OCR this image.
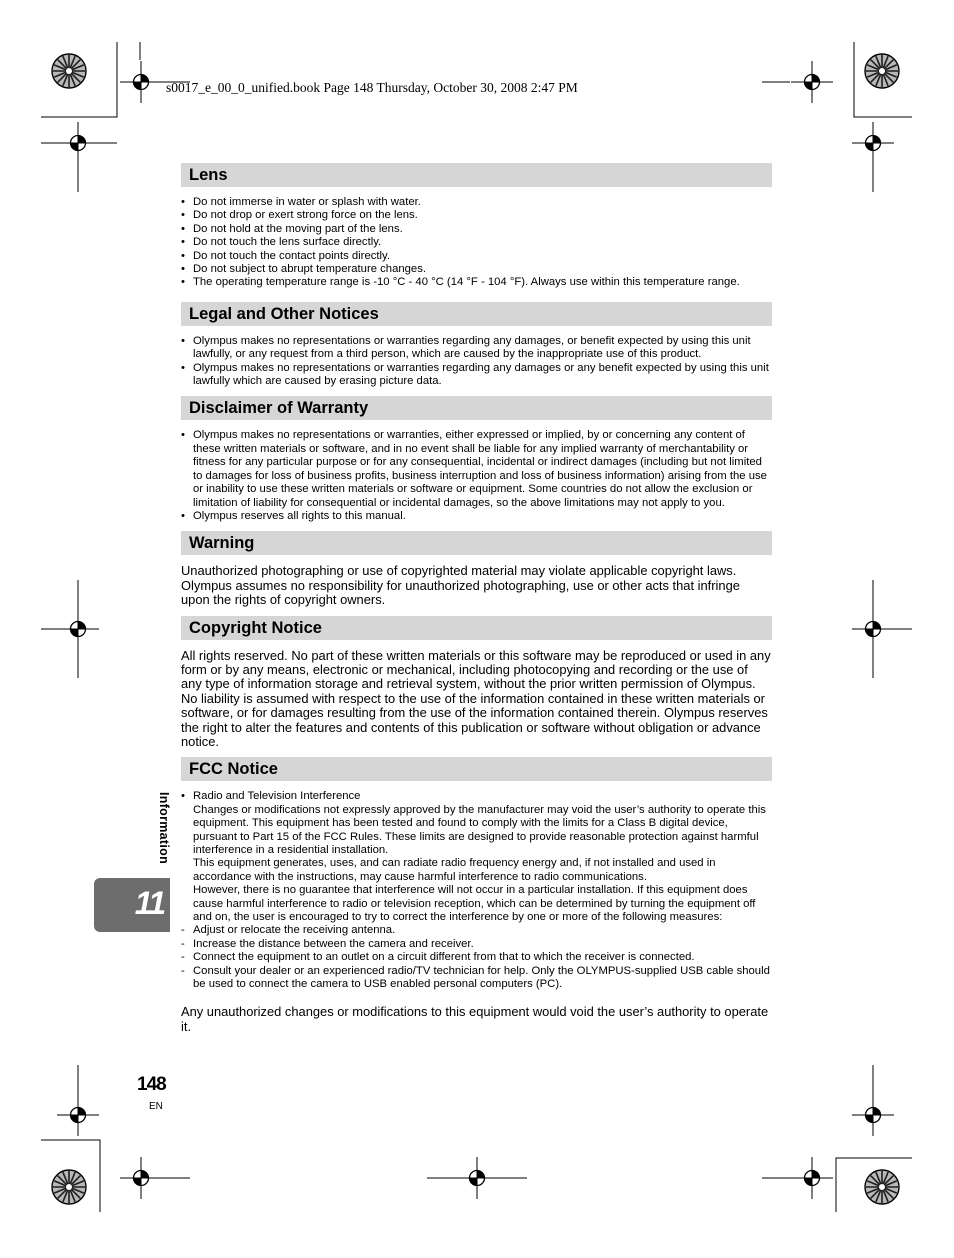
s0017_e_00_0_unified.book Page 148 Thursday, October 30, 2008 2:47 PM
Lens
• Do not immerse in water or splash with water.
• Do not drop or exert strong force on the lens.
• Do not hold at the moving part of the lens.
• Do not touch the lens surface directly.
• Do not touch the contact points directly.
• Do not subject to abrupt temperature changes.
• The operating temperature range is -10 °C - 40 °C (14 °F - 104 °F). Always use within this temperature range.
Legal and Other Notices
• Olympus makes no representations or warranties regarding any damages, or benefit expected by using this unit lawfully, or any request from a third person, which are caused by the inappropriate use of this product.
• Olympus makes no representations or warranties regarding any damages or any benefit expected by using this unit lawfully which are caused by erasing picture data.
Disclaimer of Warranty
• Olympus makes no representations or warranties, either expressed or implied, by or concerning any content of these written materials or software, and in no event shall be liable for any implied warranty of merchantability or fitness for any particular purpose or for any consequential, incidental or indirect damages (including but not limited to damages for loss of business profits, business interruption and loss of business information) arising from the use or inability to use these written materials or software or equipment. Some countries do not allow the exclusion or limitation of liability for consequential or incidental damages, so the above limitations may not apply to you.
• Olympus reserves all rights to this manual.
Warning

Unauthorized photographing or use of copyrighted material may violate applicable copyright laws. Olympus assumes no responsibility for unauthorized photographing, use or other acts that infringe upon the rights of copyright owners.

Copyright Notice

All rights reserved. No part of these written materials or this software may be reproduced or used in any form or by any means, electronic or mechanical, including photocopying and recording or the use of any type of information storage and retrieval system, without the prior written permission of Olympus. No liability is assumed with respect to the use of the information contained in these written materials or software, or for damages resulting from the use of the information contained therein. Olympus reserves the right to alter the features and contents of this publication or software without obligation or advance notice.

FCC Notice
• Radio and Television Interference

Changes or modifications not expressly approved by the manufacturer may void the user’s authority to operate this equipment. This equipment has been tested and found to comply with the limits for a Class B digital device, pursuant to Part 15 of the FCC Rules. These limits are designed to provide reasonable protection against harmful interference in a residential installation.

This equipment generates, uses, and can radiate radio frequency energy and, if not installed and used in accordance with the instructions, may cause harmful interference to radio communications.

However, there is no guarantee that interference will not occur in a particular installation. If this equipment does cause harmful interference to radio or television reception, which can be determined by turning the equipment off and on, the user is encouraged to try to correct the interference by one or more of the following measures:

- Adjust or relocate the receiving antenna.
- Increase the distance between the camera and receiver.
- Connect the equipment to an outlet on a circuit different from that to which the receiver is connected.
- Consult your dealer or an experienced radio/TV technician for help. Only the OLYMPUS-supplied USB cable should be used to connect the camera to USB enabled personal computers (PC).

Any unauthorized changes or modifications to this equipment would void the user’s authority to operate it.

Information
11
148
EN
